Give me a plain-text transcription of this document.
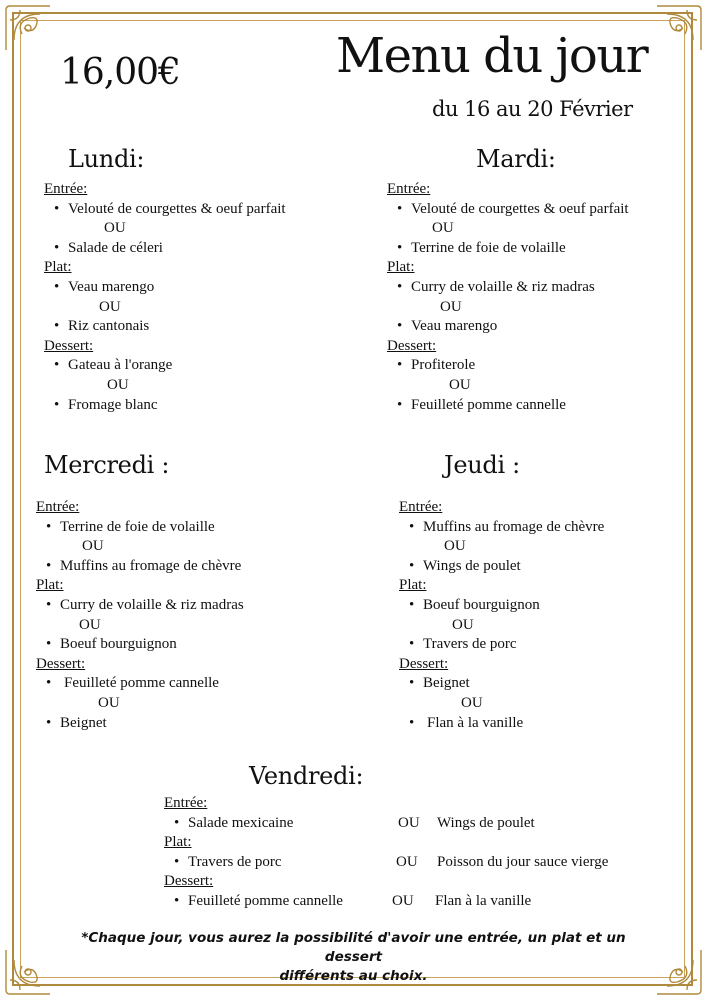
16,00€	Menu du jour
du 16 au 20 Février
Lundi:
Entrée:
• Velouté de courgettes & oeuf parfait
OU
• Salade de céleri
Plat:
• Veau marengo
OU
• Riz cantonais
Dessert:
• Gateau à l'orange
OU
• Fromage blanc
Mardi:
Entrée:
• Velouté de courgettes & oeuf parfait
OU
• Terrine de foie de volaille
Plat:
• Curry de volaille & riz madras
OU
• Veau marengo
Dessert:
• Profiterole
OU
• Feuilleté pomme cannelle
Mercredi :
Entrée:
• Terrine de foie de volaille
OU
• Muffins au fromage de chèvre
Plat:
• Curry de volaille & riz madras
OU
• Boeuf bourguignon
Dessert:
• Feuilleté pomme cannelle
OU
• Beignet
Jeudi :
Entrée:
• Muffins au fromage de chèvre
OU
• Wings de poulet
Plat:
• Boeuf bourguignon
OU
• Travers de porc
Dessert:
• Beignet
OU
• Flan à la vanille
Vendredi:
Entrée:
• Salade mexicaine	OU Wings de poulet
Plat:
• Travers de porc	OU Poisson du jour sauce vierge
Dessert:
• Feuilleté pomme cannelle	OU Flan à la vanille
*Chaque jour, vous aurez la possibilité d'avoir une entrée, un plat et un dessert
différents au choix.
